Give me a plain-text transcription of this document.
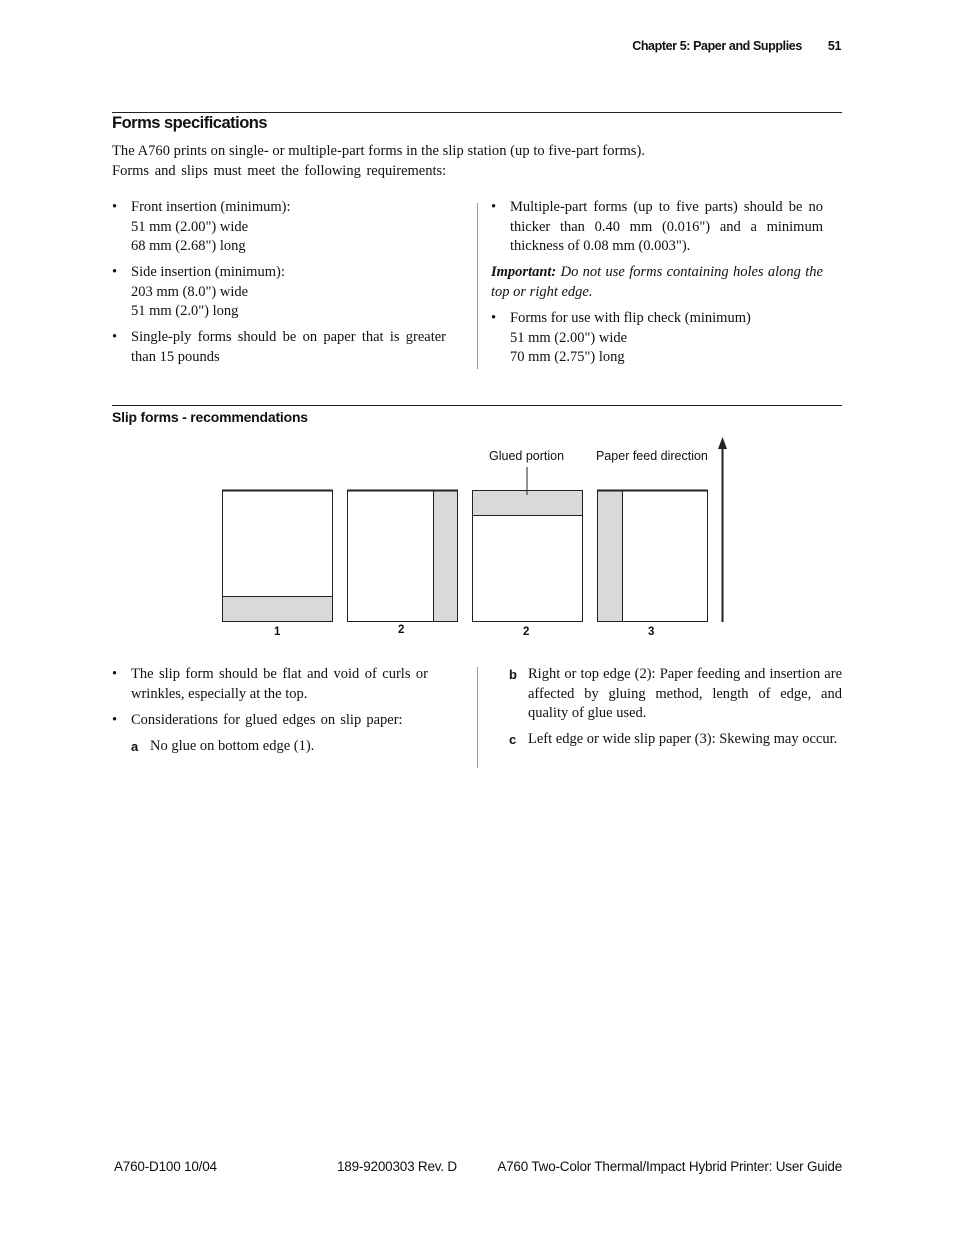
Chapter 5: Paper and Supplies 51
Forms specifications

The A760 prints on single- or multiple-part forms in the slip station (up to five-part forms).

Forms and slips must meet the following requirements:

• Front insertion (minimum):
51 mm (2.00") wide
68 mm (2.68") long
• Side insertion (minimum):
203 mm (8.0") wide
51 mm (2.0") long
• Single-ply forms should be on paper that is greater than 15 pounds
• Multiple-part forms (up to five parts) should be no thicker than 0.40 mm (0.016") and a minimum thickness of 0.08 mm (0.003").

Important: Do not use forms containing holes along the top or right edge.

• Forms for use with flip check (minimum)
51 mm (2.00") wide
70 mm (2.75") long
Slip forms - recommendations
Glued portion	Paper feed direction
1	2	2	3
• The slip form should be flat and void of curls or wrinkles, especially at the top.
• Considerations for glued edges on slip paper:
a No glue on bottom edge (1).
b Right or top edge (2): Paper feeding and insertion are affected by gluing method, length of edge, and quality of glue used.
c Left edge or wide slip paper (3): Skewing may occur.
A760-D100 10/04	189-9200303 Rev. D	A760 Two-Color Thermal/Impact Hybrid Printer: User Guide
